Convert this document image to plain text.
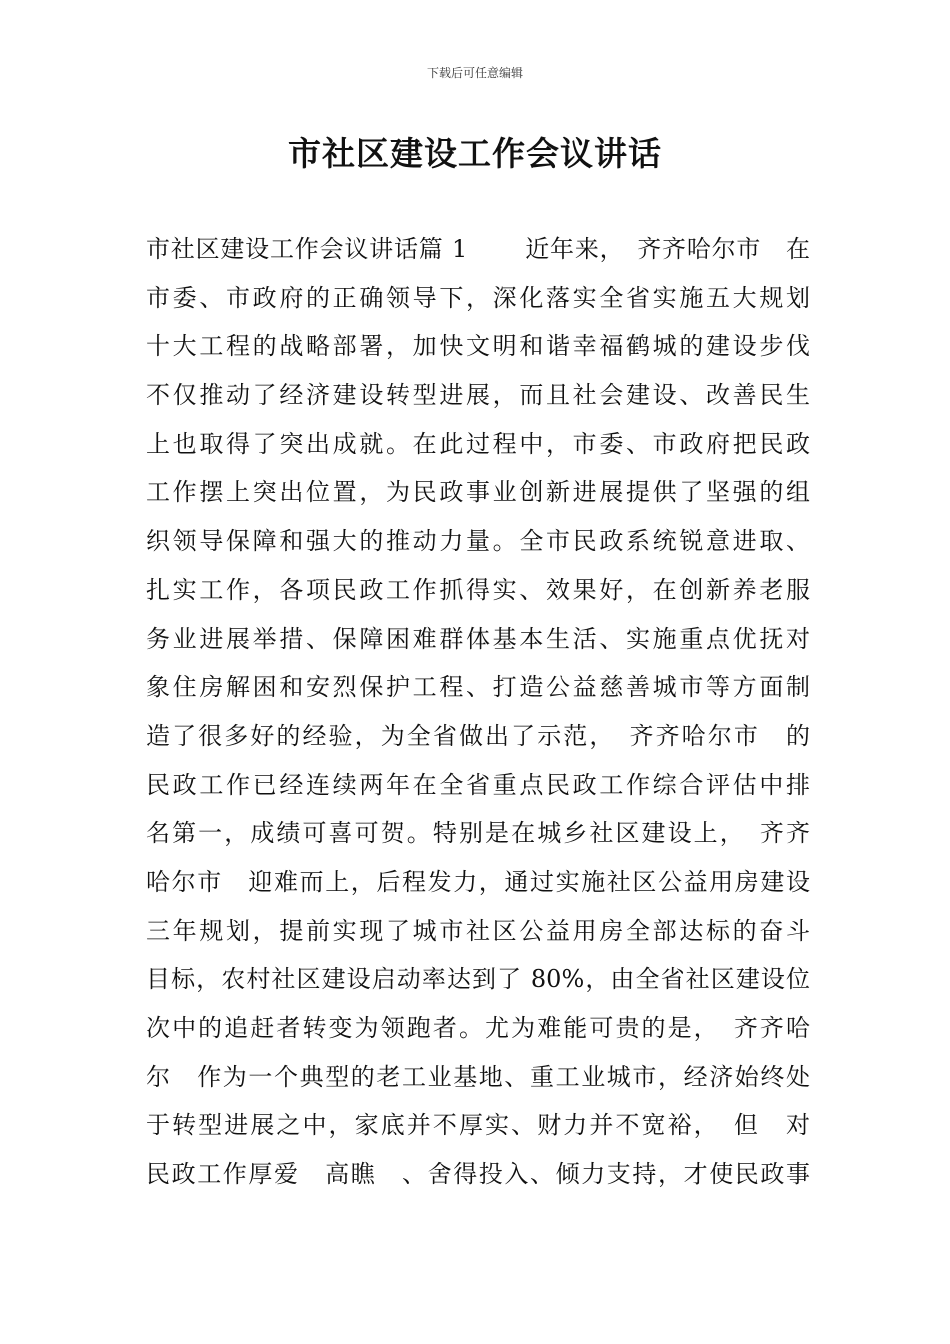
下载后可任意编辑
市社区建设工作会议讲话
市社区建设工作会议讲话篇 1 　　近年来，　齐齐哈尔市　在
市委、市政府的正确领导下，深化落实全省实施五大规划
十大工程的战略部署，加快文明和谐幸福鹤城的建设步伐
不仅推动了经济建设转型进展，而且社会建设、改善民生
上也取得了突出成就。在此过程中，市委、市政府把民政
工作摆上突出位置，为民政事业创新进展提供了坚强的组
织领导保障和强大的推动力量。全市民政系统锐意进取、
扎实工作，各项民政工作抓得实、效果好，在创新养老服
务业进展举措、保障困难群体基本生活、实施重点优抚对
象住房解困和安烈保护工程、打造公益慈善城市等方面制
造了很多好的经验，为全省做出了示范，　齐齐哈尔市　的
民政工作已经连续两年在全省重点民政工作综合评估中排
名第一，成绩可喜可贺。特别是在城乡社区建设上，　齐齐
哈尔市　迎难而上，后程发力，通过实施社区公益用房建设
三年规划，提前实现了城市社区公益用房全部达标的奋斗
目标，农村社区建设启动率达到了 80%，由全省社区建设位
次中的追赶者转变为领跑者。尤为难能可贵的是，　齐齐哈
尔　作为一个典型的老工业基地、重工业城市，经济始终处
于转型进展之中，家底并不厚实、财力并不宽裕，　但　对
民政工作厚爱　高瞧　、舍得投入、倾力支持，才使民政事
